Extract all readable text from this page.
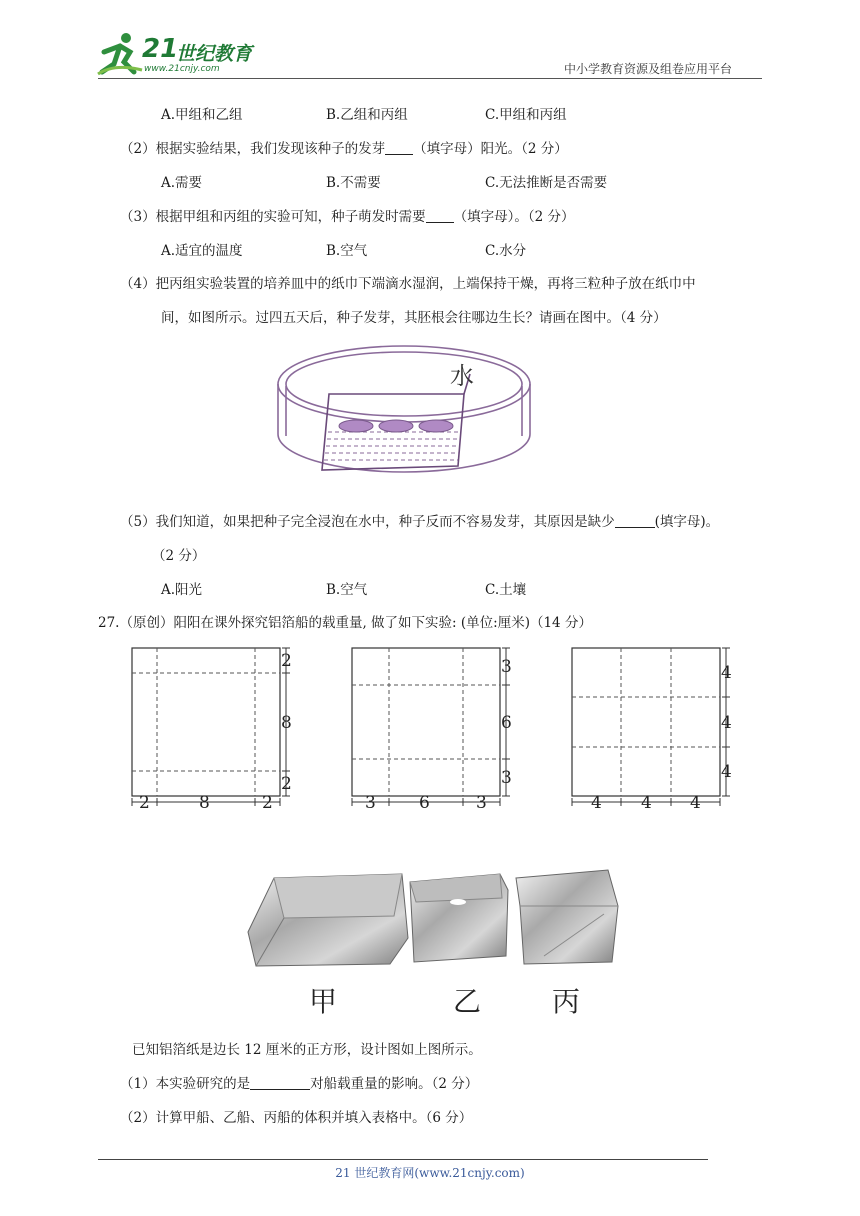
21
世纪教育
www.21cnjy.com	中小学教育资源及组卷应用平台
A.甲组和乙组	B.乙组和丙组	C.甲组和丙组
（2）根据实验结果，我们发现该种子的发芽 （填字母）阳光。（2 分）
A.需要	B.不需要	C.无法推断是否需要
（3）根据甲组和丙组的实验可知，种子萌发时需要 （填字母）。（2 分）
A.适宜的温度	B.空气	C.水分
（4）把丙组实验装置的培养皿中的纸巾下端滴水湿润，上端保持干燥，再将三粒种子放在纸巾中
间，如图所示。过四五天后，种子发芽，其胚根会往哪边生长？请画在图中。（4 分）
水
（5）我们知道，如果把种子完全浸泡在水中，种子反而不容易发芽，其原因是缺少	(填字母)。
（2 分）
A.阳光	B.空气	C.土壤
27.（原创）阳阳在课外探究铝箔船的载重量, 做了如下实验: (单位:厘米)（14 分）
2
8
2
2	8	2
3
6
3
3	6	3
4
4
4
4 4 4
甲	乙	丙
已知铝箔纸是边长 12 厘米的正方形，设计图如上图所示。
（1）本实验研究的是	对船载重量的影响。（2 分）
（2）计算甲船、乙船、丙船的体积并填入表格中。（6 分）
21 世纪教育网(www.21cnjy.com)
